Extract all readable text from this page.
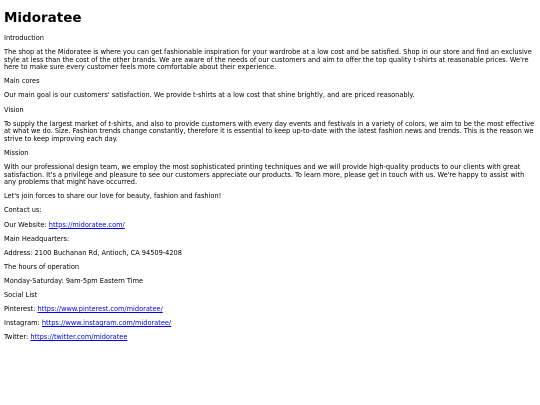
Midoratee

Introduction

The shop at the Midoratee is where you can get fashionable inspiration for your wardrobe at a low cost and be satisfied. Shop in our store and find an exclusive style at less than the cost of the other brands. We are aware of the needs of our customers and aim to offer the top quality t-shirts at reasonable prices. We're here to make sure every customer feels more comfortable about their experience.

Main cores

Our main goal is our customers' satisfaction. We provide t-shirts at a low cost that shine brightly, and are priced reasonably.

Vision

To supply the largest market of t-shirts, and also to provide customers with every day events and festivals in a variety of colors, we aim to be the most effective at what we do. Size. Fashion trends change constantly, therefore it is essential to keep up-to-date with the latest fashion news and trends. This is the reason we strive to keep improving each day.

Mission

With our professional design team, we employ the most sophisticated printing techniques and we will provide high-quality products to our clients with great satisfaction. It's a privilege and pleasure to see our customers appreciate our products. To learn more, please get in touch with us. We're happy to assist with any problems that might have occurred.

Let's join forces to share our love for beauty, fashion and fashion!

Contact us:

Our Website: https://midoratee.com/

Main Headquarters:

Address: 2100 Buchanan Rd, Antioch, CA 94509-4208

The hours of operation

Monday-Saturday: 9am-5pm Eastern Time

Social List

Pinterest: https://www.pinterest.com/midoratee/

Instagram: https://www.instagram.com/midoratee/

Twitter: https://twitter.com/midoratee
